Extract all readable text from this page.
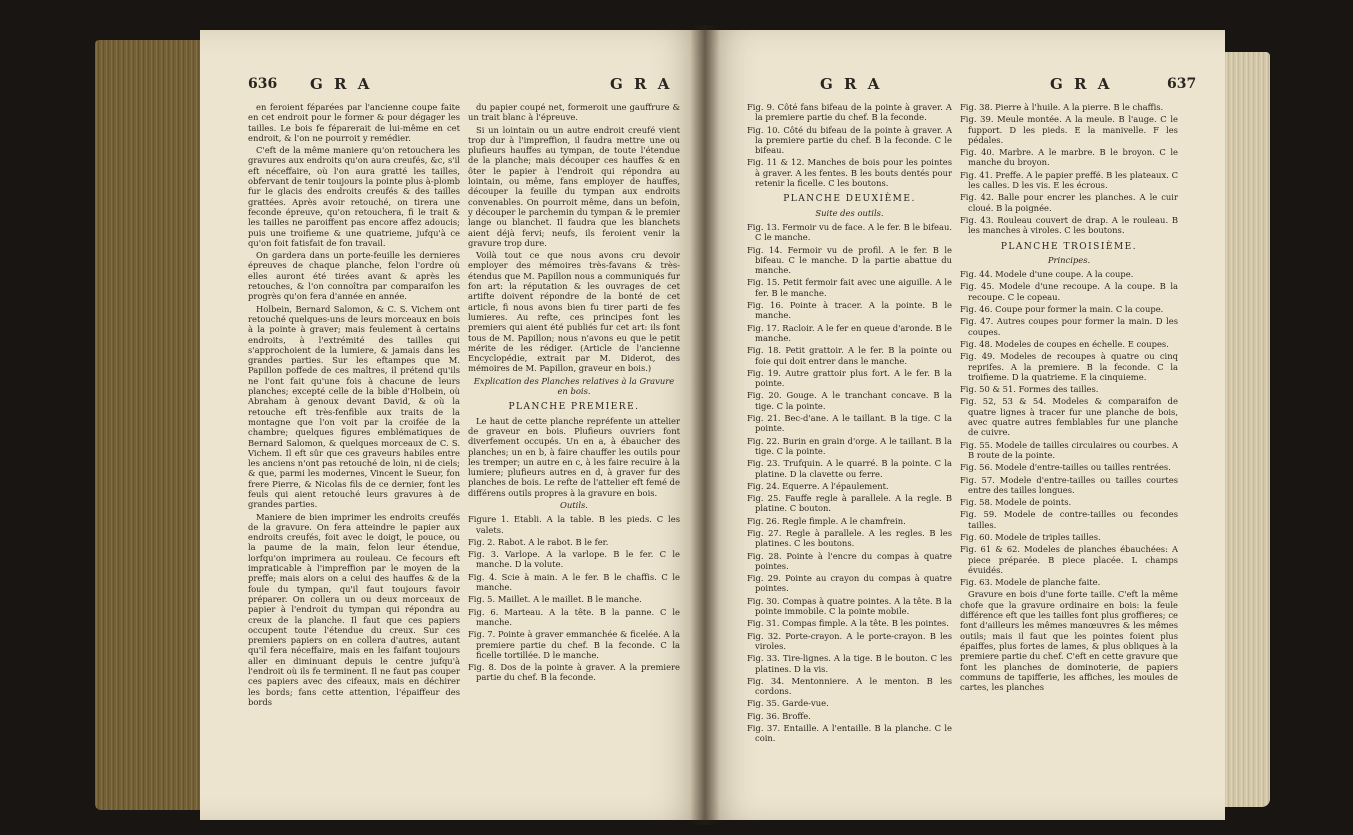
636 G R A	G R A

en feroient féparées par l'ancienne coupe faite en cet endroit pour le former & pour dégager les tailles. Le bois fe féparerait de lui-même en cet endroit, & l'on ne pourroit y remédier.

C'eft de la même maniere qu'on retouchera les gravures aux endroits qu'on aura creufés, &c, s'il eft néceffaire, où l'on aura gratté les tailles, obfervant de tenir toujours la pointe plus à-plomb fur le glacis des endroits creufés & des tailles grattées. Après avoir retouché, on tirera une feconde épreuve, qu'on retouchera, fi le trait & les tailles ne paroiffent pas encore affez adoucis; puis une troifieme & une quatrieme, jufqu'à ce qu'on foit fatisfait de fon travail.

On gardera dans un porte-feuille les dernieres épreuves de chaque planche, felon l'ordre où elles auront été tirées avant & après les retouches, & l'on connoîtra par comparaifon les progrès qu'on fera d'année en année.

Holbein, Bernard Salomon, & C. S. Vichem ont retouché quelques-uns de leurs morceaux en bois à la pointe à graver; mais feulement à certains endroits, à l'extrémité des tailles qui s'approchoient de la lumiere, & jamais dans les grandes parties. Sur les eftampes que M. Papillon poffede de ces maîtres, il prétend qu'ils ne l'ont fait qu'une fois à chacune de leurs planches; excepté celle de la bible d'Holbein, où Abraham à genoux devant David, & où la retouche eft très-fenfible aux traits de la montagne que l'on voit par la croifée de la chambre; quelques figures emblématiques de Bernard Salomon, & quelques morceaux de C. S. Vichem. Il eft sûr que ces graveurs habiles entre les anciens n'ont pas retouché de loin, ni de ciels; & que, parmi les modernes, Vincent le Sueur, fon frere Pierre, & Nicolas fils de ce dernier, font les feuls qui aient retouché leurs gravures à de grandes parties.

Maniere de bien imprimer les endroits creufés de la gravure. On fera atteindre le papier aux endroits creufés, foit avec le doigt, le pouce, ou la paume de la main, felon leur étendue, lorfqu'on imprimera au rouleau. Ce fecours eft impraticable à l'impreffion par le moyen de la preffe; mais alors on a celui des hauffes & de la foule du tympan, qu'il faut toujours favoir préparer. On collera un ou deux morceaux de papier à l'endroit du tympan qui répondra au creux de la planche. Il faut que ces papiers occupent toute l'étendue du creux. Sur ces premiers papiers on en collera d'autres, autant qu'il fera néceffaire, mais en les faifant toujours aller en diminuant depuis le centre jufqu'à l'endroit où ils fe terminent. Il ne faut pas couper ces papiers avec des cifeaux, mais en déchirer les bords; fans cette attention, l'épaiffeur des bords

du papier coupé net, formeroit une gauffrure & un trait blanc à l'épreuve.

Si un lointain ou un autre endroit creufé vient trop dur à l'impreffion, il faudra mettre une ou plufieurs hauffes au tympan, de toute l'étendue de la planche; mais découper ces hauffes & en ôter le papier à l'endroit qui répondra au lointain, ou même, fans employer de hauffes, découper la feuille du tympan aux endroits convenables. On pourroit même, dans un befoin, y découper le parchemin du tympan & le premier lange ou blanchet. Il faudra que les blanchets aient déjà fervi; neufs, ils feroient venir la gravure trop dure.

Voilà tout ce que nous avons cru devoir employer des mémoires très-favans & très-étendus que M. Papillon nous a communiqués fur fon art: la réputation & les ouvrages de cet artifte doivent répondre de la bonté de cet article, fi nous avons bien fu tirer parti de fes lumieres. Au refte, ces principes font les premiers qui aient été publiés fur cet art: ils font tous de M. Papillon; nous n'avons eu que le petit mérite de les rédiger. (Article de l'ancienne Encyclopédie, extrait par M. Diderot, des mémoires de M. Papillon, graveur en bois.)

Explication des Planches relatives à la Gravure en bois.

PLANCHE PREMIERE.

Le haut de cette planche repréfente un attelier de graveur en bois. Plufieurs ouvriers font diverfement occupés. Un en a, à ébaucher des planches; un en b, à faire chauffer les outils pour les tremper; un autre en c, à les faire recuire à la lumiere; plufieurs autres en d, à graver fur des planches de bois. Le refte de l'attelier eft femé de différens outils propres à la gravure en bois.

Outils.

Figure 1. Etabli. A la table. B les pieds. C les valets.

Fig. 2. Rabot. A le rabot. B le fer.

Fig. 3. Varlope. A la varlope. B le fer. C le manche. D la volute.

Fig. 4. Scie à main. A le fer. B le chaffis. C le manche.

Fig. 5. Maillet. A le maillet. B le manche.

Fig. 6. Marteau. A la tête. B la panne. C le manche.

Fig. 7. Pointe à graver emmanchée & ficelée. A la premiere partie du chef. B la feconde. C la ficelle tortillée. D le manche.

Fig. 8. Dos de la pointe à graver. A la premiere partie du chef. B la feconde.

G R A	G R A	637

Fig. 9. Côté fans bifeau de la pointe à graver. A la premiere partie du chef. B la feconde.

Fig. 10. Côté du bifeau de la pointe à graver. A la premiere partie du chef. B la feconde. C le bifeau.

Fig. 11 & 12. Manches de bois pour les pointes à graver. A les fentes. B les bouts dentés pour retenir la ficelle. C les boutons.

PLANCHE DEUXIÈME.

Suite des outils.

Fig. 13. Fermoir vu de face. A le fer. B le bifeau. C le manche.

Fig. 14. Fermoir vu de profil. A le fer. B le bifeau. C le manche. D la partie abattue du manche.

Fig. 15. Petit fermoir fait avec une aiguille. A le fer. B le manche.

Fig. 16. Pointe à tracer. A la pointe. B le manche.

Fig. 17. Racloir. A le fer en queue d'aronde. B le manche.

Fig. 18. Petit grattoir. A le fer. B la pointe ou foie qui doit entrer dans le manche.

Fig. 19. Autre grattoir plus fort. A le fer. B la pointe.

Fig. 20. Gouge. A le tranchant concave. B la tige. C la pointe.

Fig. 21. Bec-d'ane. A le taillant. B la tige. C la pointe.

Fig. 22. Burin en grain d'orge. A le taillant. B la tige. C la pointe.

Fig. 23. Trufquin. A le quarré. B la pointe. C la platine. D la clavette ou ferre.

Fig. 24. Equerre. A l'épaulement.

Fig. 25. Fauffe regle à parallele. A la regle. B platine. C bouton.

Fig. 26. Regle fimple. A le chamfrein.

Fig. 27. Regle à parallele. A les regles. B les platines. C les boutons.

Fig. 28. Pointe à l'encre du compas à quatre pointes.

Fig. 29. Pointe au crayon du compas à quatre pointes.

Fig. 30. Compas à quatre pointes. A la tête. B la pointe immobile. C la pointe mobile.

Fig. 31. Compas fimple. A la tête. B les pointes.

Fig. 32. Porte-crayon. A le porte-crayon. B les viroles.

Fig. 33. Tire-lignes. A la tige. B le bouton. C les platines. D la vis.

Fig. 34. Mentonniere. A le menton. B les cordons.

Fig. 35. Garde-vue.

Fig. 36. Broffe.

Fig. 37. Entaille. A l'entaille. B la planche. C le coin.

Fig. 38. Pierre à l'huile. A la pierre. B le chaffis.

Fig. 39. Meule montée. A la meule. B l'auge. C le fupport. D les pieds. E la manivelle. F les pédales.

Fig. 40. Marbre. A le marbre. B le broyon. C le manche du broyon.

Fig. 41. Preffe. A le papier preffé. B les plateaux. C les calles. D les vis. E les écrous.

Fig. 42. Balle pour encrer les planches. A le cuir cloué. B la poignée.

Fig. 43. Rouleau couvert de drap. A le rouleau. B les manches à viroles. C les boutons.

PLANCHE TROISIÈME.

Principes.

Fig. 44. Modele d'une coupe. A la coupe.

Fig. 45. Modele d'une recoupe. A la coupe. B la recoupe. C le copeau.

Fig. 46. Coupe pour former la main. C la coupe.

Fig. 47. Autres coupes pour former la main. D les coupes.

Fig. 48. Modeles de coupes en échelle. E coupes.

Fig. 49. Modeles de recoupes à quatre ou cinq reprifes. A la premiere. B la feconde. C la troifieme. D la quatrieme. E la cinquieme.

Fig. 50 & 51. Formes des tailles.

Fig. 52, 53 & 54. Modeles & comparaifon de quatre lignes à tracer fur une planche de bois, avec quatre autres femblables fur une planche de cuivre.

Fig. 55. Modele de tailles circulaires ou courbes. A B route de la pointe.

Fig. 56. Modele d'entre-tailles ou tailles rentrées.

Fig. 57. Modele d'entre-tailles ou tailles courtes entre des tailles longues.

Fig. 58. Modele de points.

Fig. 59. Modele de contre-tailles ou fecondes tailles.

Fig. 60. Modele de triples tailles.

Fig. 61 & 62. Modeles de planches ébauchées: A piece préparée. B piece placée. L champs évuidés.

Fig. 63. Modele de planche faite.

Gravure en bois d'une forte taille. C'eft la même chofe que la gravure ordinaire en bois: la feule différence eft que les tailles font plus groffieres; ce font d'ailleurs les mêmes manœuvres & les mêmes outils; mais il faut que les pointes foient plus épaiffes, plus fortes de lames, & plus obliques à la premiere partie du chef. C'eft en cette gravure que font les planches de dominoterie, de papiers communs de tapifferie, les affiches, les moules de cartes, les planches
